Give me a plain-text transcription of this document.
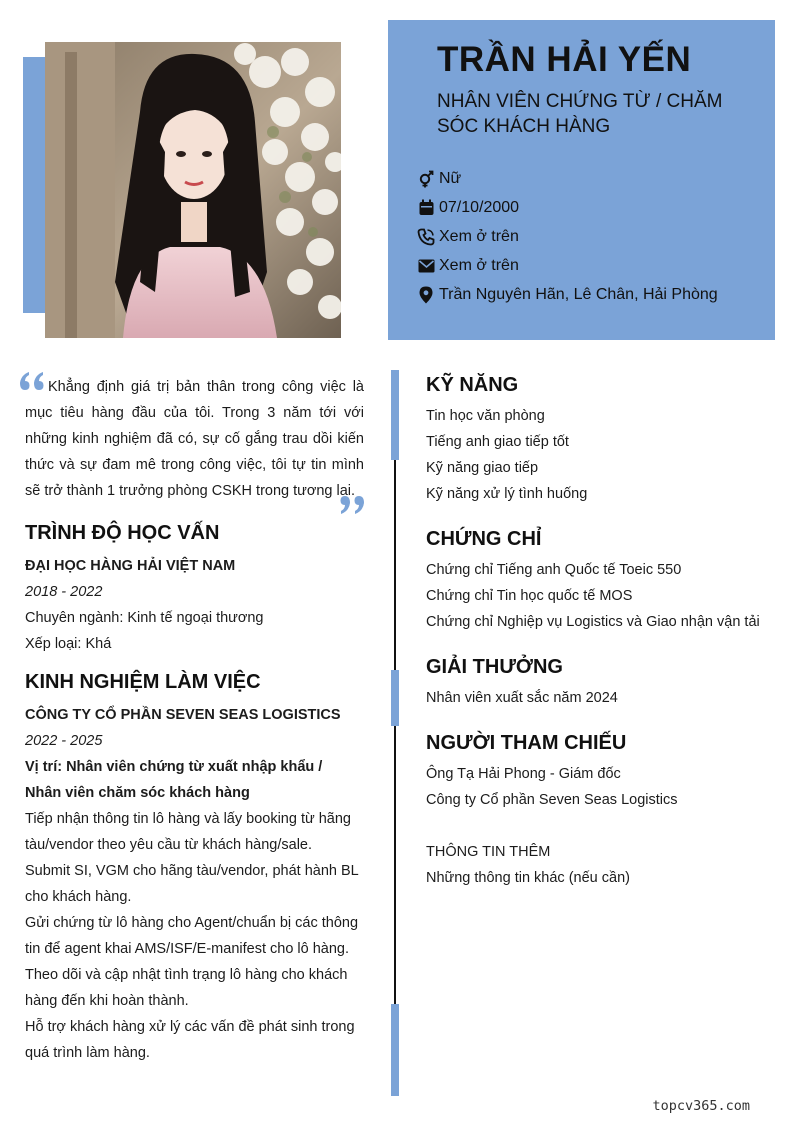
TRẦN HẢI YẾN
NHÂN VIÊN CHỨNG TỪ / CHĂM SÓC KHÁCH HÀNG
Nữ
07/10/2000
Xem ở trên
Xem ở trên
Trần Nguyên Hãn, Lê Chân, Hải Phòng

Khẳng định giá trị bản thân trong công việc là mục tiêu hàng đầu của tôi. Trong 3 năm tới với những kinh nghiệm đã có, sự cố gắng trau dồi kiến thức và sự đam mê trong công việc, tôi tự tin mình sẽ trở thành 1 trưởng phòng CSKH trong tương lai.

TRÌNH ĐỘ HỌC VẤN
ĐẠI HỌC HÀNG HẢI VIỆT NAM
2018 - 2022
Chuyên ngành: Kinh tế ngoại thương
Xếp loại: Khá
KINH NGHIỆM LÀM VIỆC
CÔNG TY CỔ PHẦN SEVEN SEAS LOGISTICS
2022 - 2025
Vị trí: Nhân viên chứng từ xuất nhập khẩu /
Nhân viên chăm sóc khách hàng
Tiếp nhận thông tin lô hàng và lấy booking từ hãng tàu/vendor theo yêu cầu từ khách hàng/sale.
Submit SI, VGM cho hãng tàu/vendor, phát hành BL cho khách hàng.
Gửi chứng từ lô hàng cho Agent/chuẩn bị các thông tin để agent khai AMS/ISF/E-manifest cho lô hàng.
Theo dõi và cập nhật tình trạng lô hàng cho khách hàng đến khi hoàn thành.
Hỗ trợ khách hàng xử lý các vấn đề phát sinh trong quá trình làm hàng.
KỸ NĂNG
Tin học văn phòng
Tiếng anh giao tiếp tốt
Kỹ năng giao tiếp
Kỹ năng xử lý tình huống
CHỨNG CHỈ
Chứng chỉ Tiếng anh Quốc tế Toeic 550
Chứng chỉ Tin học quốc tế MOS
Chứng chỉ Nghiệp vụ Logistics và Giao nhận vận tải
GIẢI THƯỞNG
Nhân viên xuất sắc năm 2024
NGƯỜI THAM CHIẾU
Ông Tạ Hải Phong - Giám đốc
Công ty Cổ phần Seven Seas Logistics
THÔNG TIN THÊM
Những thông tin khác (nếu cần)
topcv365.com
